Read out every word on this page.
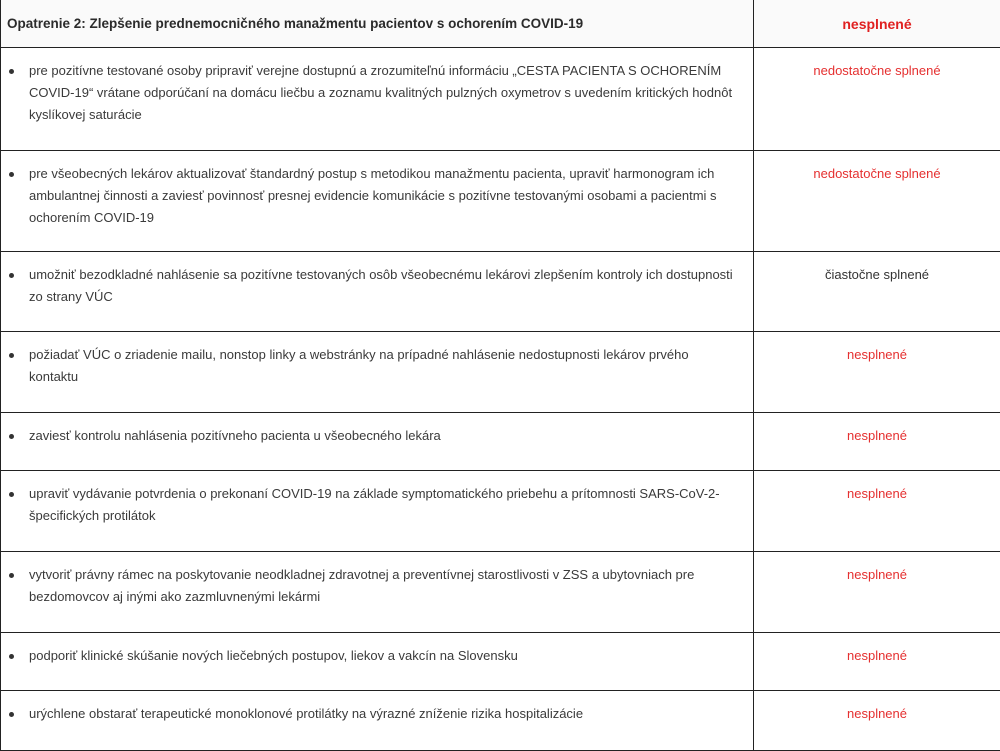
Opatrenie 2: Zlepšenie prednemocničného manažmentu pacientov s ochorením COVID-19	nesplnené

pre pozitívne testované osoby pripraviť verejne dostupnú a zrozumiteľnú informáciu „CESTA PACIENTA S OCHORENÍM COVID-19“ vrátane odporúčaní na domácu liečbu a zoznamu kvalitných pulzných oxymetrov s uvedením kritických hodnôt kyslíkovej saturácie	nedostatočne splnené

pre všeobecných lekárov aktualizovať štandardný postup s metodikou manažmentu pacienta, upraviť harmonogram ich ambulantnej činnosti a zaviesť povinnosť presnej evidencie komunikácie s pozitívne testovanými osobami a pacientmi s ochorením COVID-19	nedostatočne splnené

umožniť bezodkladné nahlásenie sa pozitívne testovaných osôb všeobecnému lekárovi zlepšením kontroly ich dostupnosti zo strany VÚC	čiastočne splnené

požiadať VÚC o zriadenie mailu, nonstop linky a webstránky na prípadné nahlásenie nedostupnosti lekárov prvého kontaktu	nesplnené

zaviesť kontrolu nahlásenia pozitívneho pacienta u všeobecného lekára	nesplnené

upraviť vydávanie potvrdenia o prekonaní COVID-19 na základe symptomatického priebehu a prítomnosti SARS-CoV-2-špecifických protilátok	nesplnené

vytvoriť právny rámec na poskytovanie neodkladnej zdravotnej a preventívnej starostlivosti v ZSS a ubytovniach pre bezdomovcov aj inými ako zazmluvnenými lekármi	nesplnené

podporiť klinické skúšanie nových liečebných postupov, liekov a vakcín na Slovensku	nesplnené

urýchlene obstarať terapeutické monoklonové protilátky na výrazné zníženie rizika hospitalizácie	nesplnené
